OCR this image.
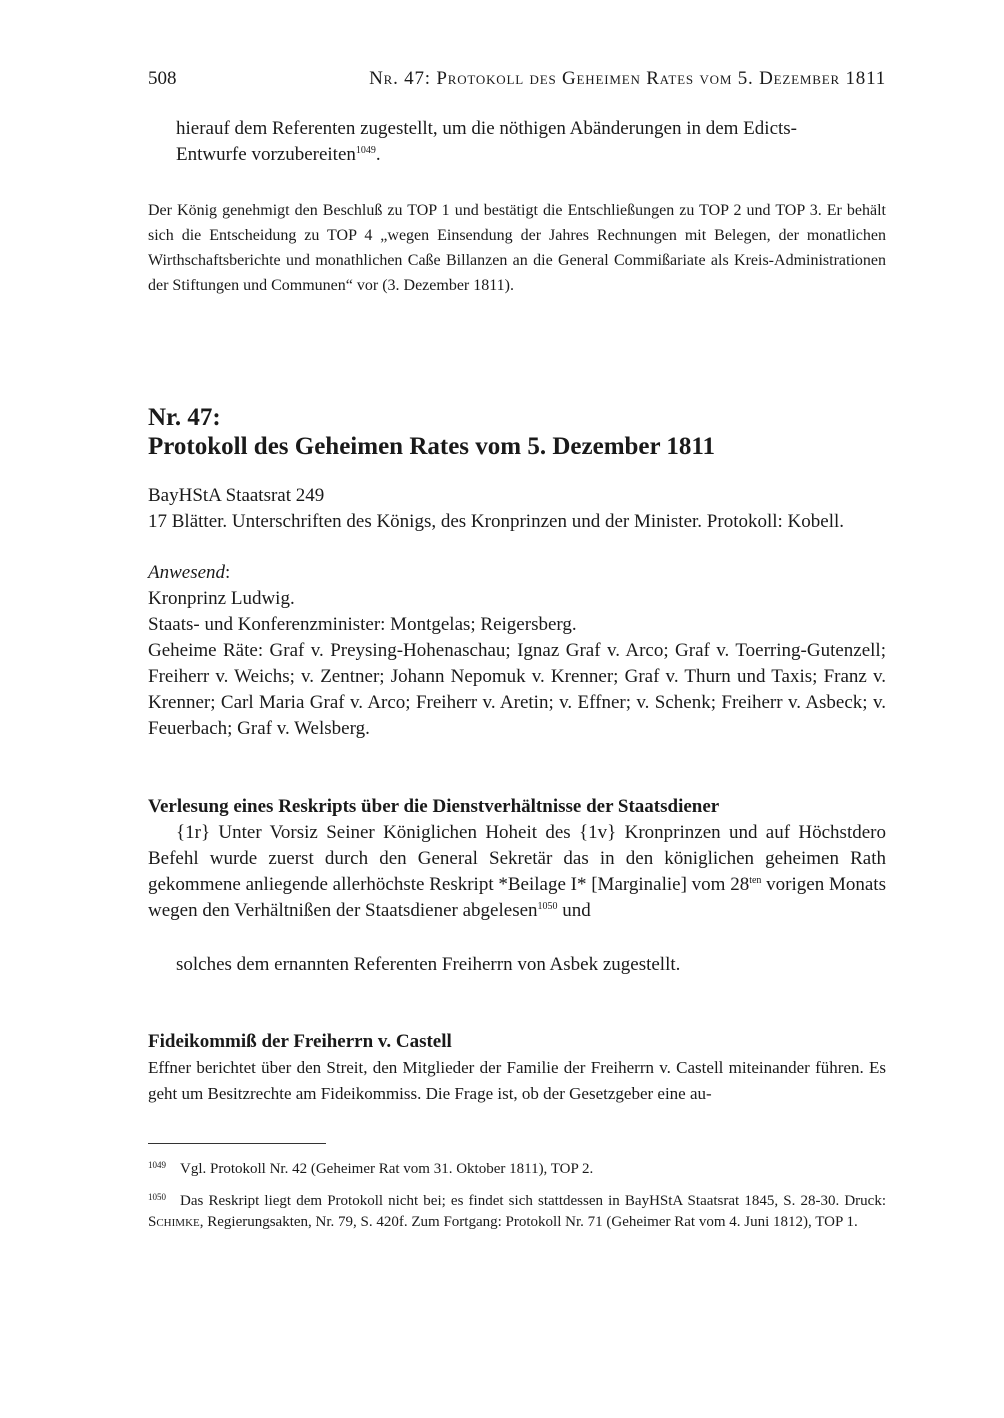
508	Nr. 47: Protokoll des Geheimen Rates vom 5. Dezember 1811

hierauf dem Referenten zugestellt, um die nöthigen Abänderungen in dem Edicts-

Entwurfe vorzubereiten$^{1049}$.

Der König genehmigt den Beschluß zu TOP 1 und bestätigt die Entschließungen zu TOP 2 und TOP 3. Er behält sich die Entscheidung zu TOP 4 „wegen Einsendung der Jahres Rechnungen mit Belegen, der monatlichen Wirthschaftsberichte und monathlichen Caße Billanzen an die General Commißariate als Kreis-Administrationen der Stiftungen und Communen“ vor (3. Dezember 1811).

Nr. 47:

Protokoll des Geheimen Rates vom 5. Dezember 1811

BayHStA Staatsrat 249

17 Blätter. Unterschriften des Königs, des Kronprinzen und der Minister. Protokoll: Kobell.

Anwesend:

Kronprinz Ludwig.

Staats- und Konferenzminister: Montgelas; Reigersberg.

Geheime Räte: Graf v. Preysing-Hohenaschau; Ignaz Graf v. Arco; Graf v. Toerring-Gutenzell; Freiherr v. Weichs; v. Zentner; Johann Nepomuk v. Krenner; Graf v. Thurn und Taxis; Franz v. Krenner; Carl Maria Graf v. Arco; Freiherr v. Aretin; v. Effner; v. Schenk; Freiherr v. Asbeck; v. Feuerbach; Graf v. Welsberg.

Verlesung eines Reskripts über die Dienstverhältnisse der Staatsdiener

{1r} Unter Vorsiz Seiner Königlichen Hoheit des {1v} Kronprinzen und auf Höchstdero Befehl wurde zuerst durch den General Sekretär das in den königlichen geheimen Rath gekommene anliegende allerhöchste Reskript *Beilage I* [Marginalie] vom $28^{ten}$ vorigen Monats wegen den Verhältnißen der Staatsdiener abgelesen$^{1050}$ und

solches dem ernannten Referenten Freiherrn von Asbek zugestellt.

Fideikommiß der Freiherrn v. Castell

Effner berichtet über den Streit, den Mitglieder der Familie der Freiherrn v. Castell miteinander führen. Es geht um Besitzrechte am Fideikommiss. Die Frage ist, ob der Gesetzgeber eine au-

$^{1049}$ Vgl. Protokoll Nr. 42 (Geheimer Rat vom 31. Oktober 1811), TOP 2.

$^{1050}$ Das Reskript liegt dem Protokoll nicht bei; es findet sich stattdessen in BayHStA Staatsrat 1845, S. 28-30. Druck: Schimke, Regierungsakten, Nr. 79, S. 420f. Zum Fortgang: Protokoll Nr. 71 (Geheimer Rat vom 4. Juni 1812), TOP 1.
